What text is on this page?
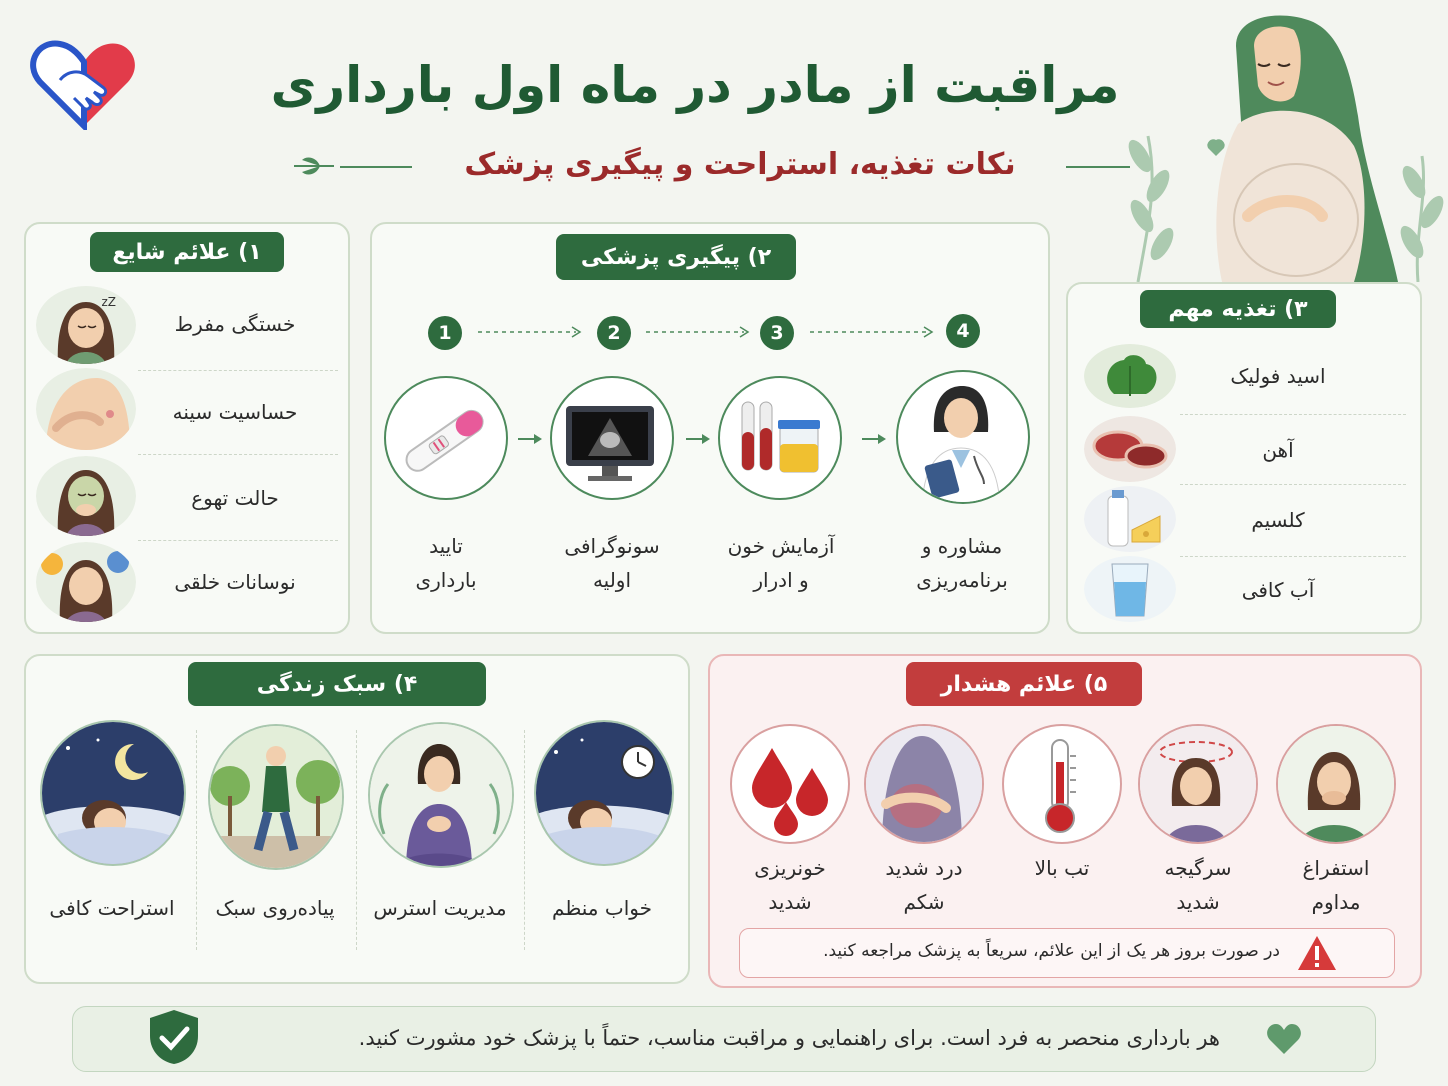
مراقبت از مادر در ماه اول بارداری
نکات تغذیه، استراحت و پیگیری پزشک
۱) علائم شایع
zZ
خستگی مفرط
حساسیت سینه
حالت تهوع
نوسانات خلقی
۲) پیگیری پزشکی
1	2	3	4
تایید
بارداری
سونوگرافی
اولیه
آزمایش خون
و ادرار
مشاوره و
برنامه‌ریزی
۳) تغذیه مهم
اسید فولیک
آهن
کلسیم
آب کافی
۴) سبک زندگی
استراحت کافی	پیاده‌روی سبک	مدیریت استرس	خواب منظم
۵) علائم هشدار
خونریزی
شدید
درد شدید
شکم
تب بالا	سرگیجه
شدید
استفراغ
مداوم
در صورت بروز هر یک از این علائم، سریعاً به پزشک مراجعه کنید.
هر بارداری منحصر به فرد است. برای راهنمایی و مراقبت مناسب، حتماً با پزشک خود مشورت کنید.
